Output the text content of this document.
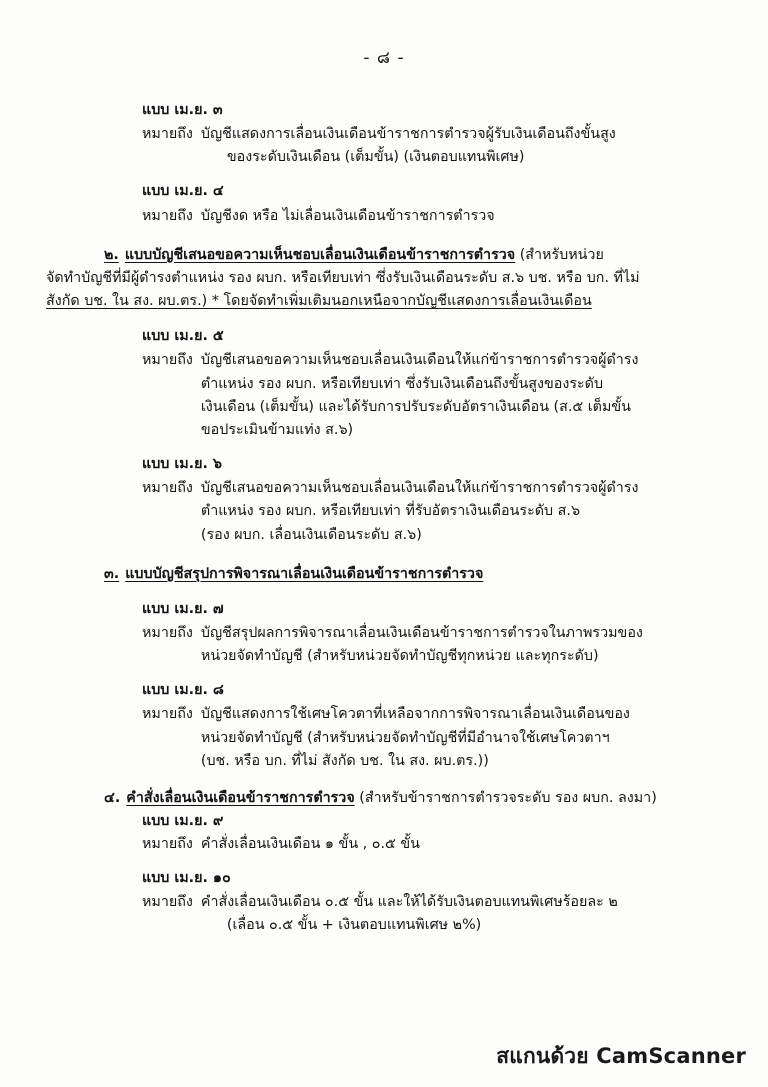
- ๘ -
แบบ เม.ย. ๓
หมายถึง บัญชีแสดงการเลื่อนเงินเดือนข้าราชการตำรวจผู้รับเงินเดือนถึงขั้นสูง
ของระดับเงินเดือน (เต็มขั้น) (เงินตอบแทนพิเศษ)
แบบ เม.ย. ๔
หมายถึง บัญชีงด หรือ ไม่เลื่อนเงินเดือนข้าราชการตำรวจ
๒. แบบบัญชีเสนอขอความเห็นชอบเลื่อนเงินเดือนข้าราชการตำรวจ (สำหรับหน่วย
จัดทำบัญชีที่มีผู้ดำรงตำแหน่ง รอง ผบก. หรือเทียบเท่า ซึ่งรับเงินเดือนระดับ ส.๖ บช. หรือ บก. ที่ไม่
สังกัด บช. ใน สง. ผบ.ตร.) * โดยจัดทำเพิ่มเติมนอกเหนือจากบัญชีแสดงการเลื่อนเงินเดือน
แบบ เม.ย. ๕
หมายถึง บัญชีเสนอขอความเห็นชอบเลื่อนเงินเดือนให้แก่ข้าราชการตำรวจผู้ดำรง
ตำแหน่ง รอง ผบก. หรือเทียบเท่า ซึ่งรับเงินเดือนถึงขั้นสูงของระดับ
เงินเดือน (เต็มขั้น) และได้รับการปรับระดับอัตราเงินเดือน (ส.๕ เต็มขั้น
ขอประเมินข้ามแท่ง ส.๖)
แบบ เม.ย. ๖
หมายถึง บัญชีเสนอขอความเห็นชอบเลื่อนเงินเดือนให้แก่ข้าราชการตำรวจผู้ดำรง
ตำแหน่ง รอง ผบก. หรือเทียบเท่า ที่รับอัตราเงินเดือนระดับ ส.๖
(รอง ผบก. เลื่อนเงินเดือนระดับ ส.๖)
๓. แบบบัญชีสรุปการพิจารณาเลื่อนเงินเดือนข้าราชการตำรวจ
แบบ เม.ย. ๗
หมายถึง บัญชีสรุปผลการพิจารณาเลื่อนเงินเดือนข้าราชการตำรวจในภาพรวมของ
หน่วยจัดทำบัญชี (สำหรับหน่วยจัดทำบัญชีทุกหน่วย และทุกระดับ)
แบบ เม.ย. ๘
หมายถึง บัญชีแสดงการใช้เศษโควตาที่เหลือจากการพิจารณาเลื่อนเงินเดือนของ
หน่วยจัดทำบัญชี (สำหรับหน่วยจัดทำบัญชีที่มีอำนาจใช้เศษโควตาฯ
(บช. หรือ บก. ที่ไม่ สังกัด บช. ใน สง. ผบ.ตร.))
๔. คำสั่งเลื่อนเงินเดือนข้าราชการตำรวจ (สำหรับข้าราชการตำรวจระดับ รอง ผบก. ลงมา)
แบบ เม.ย. ๙
หมายถึง คำสั่งเลื่อนเงินเดือน ๑ ขั้น , ๐.๕ ขั้น
แบบ เม.ย. ๑๐
หมายถึง คำสั่งเลื่อนเงินเดือน ๐.๕ ขั้น และให้ได้รับเงินตอบแทนพิเศษร้อยละ ๒
(เลื่อน ๐.๕ ขั้น + เงินตอบแทนพิเศษ ๒%)
สแกนด้วย CamScanner
